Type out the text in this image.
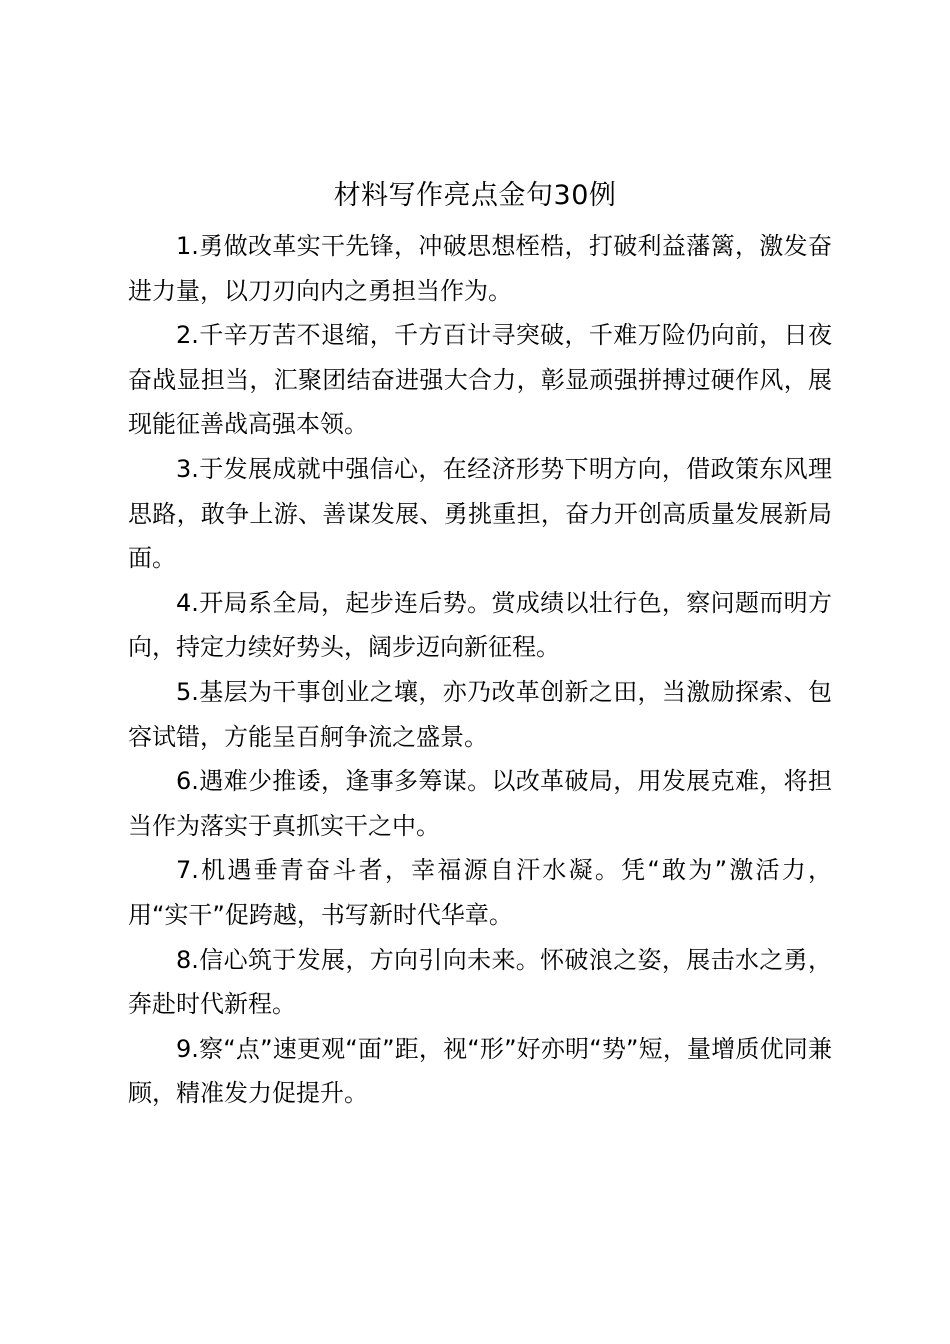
材料写作亮点金句30例

1.勇做改革实干先锋，冲破思想桎梏，打破利益藩篱，激发奋进力量，以刀刃向内之勇担当作为。

2.千辛万苦不退缩，千方百计寻突破，千难万险仍向前，日夜奋战显担当，汇聚团结奋进强大合力，彰显顽强拼搏过硬作风，展现能征善战高强本领。

3.于发展成就中强信心，在经济形势下明方向，借政策东风理思路，敢争上游、善谋发展、勇挑重担，奋力开创高质量发展新局面。

4.开局系全局，起步连后势。赏成绩以壮行色，察问题而明方向，持定力续好势头，阔步迈向新征程。

5.基层为干事创业之壤，亦乃改革创新之田，当激励探索、包容试错，方能呈百舸争流之盛景。

6.遇难少推诿，逢事多筹谋。以改革破局，用发展克难，将担当作为落实于真抓实干之中。

7.机遇垂青奋斗者，幸福源自汗水凝。凭“敢为”激活力，用“实干”促跨越，书写新时代华章。

8.信心筑于发展，方向引向未来。怀破浪之姿，展击水之勇，奔赴时代新程。

9.察“点”速更观“面”距，视“形”好亦明“势”短，量增质优同兼顾，精准发力促提升。
